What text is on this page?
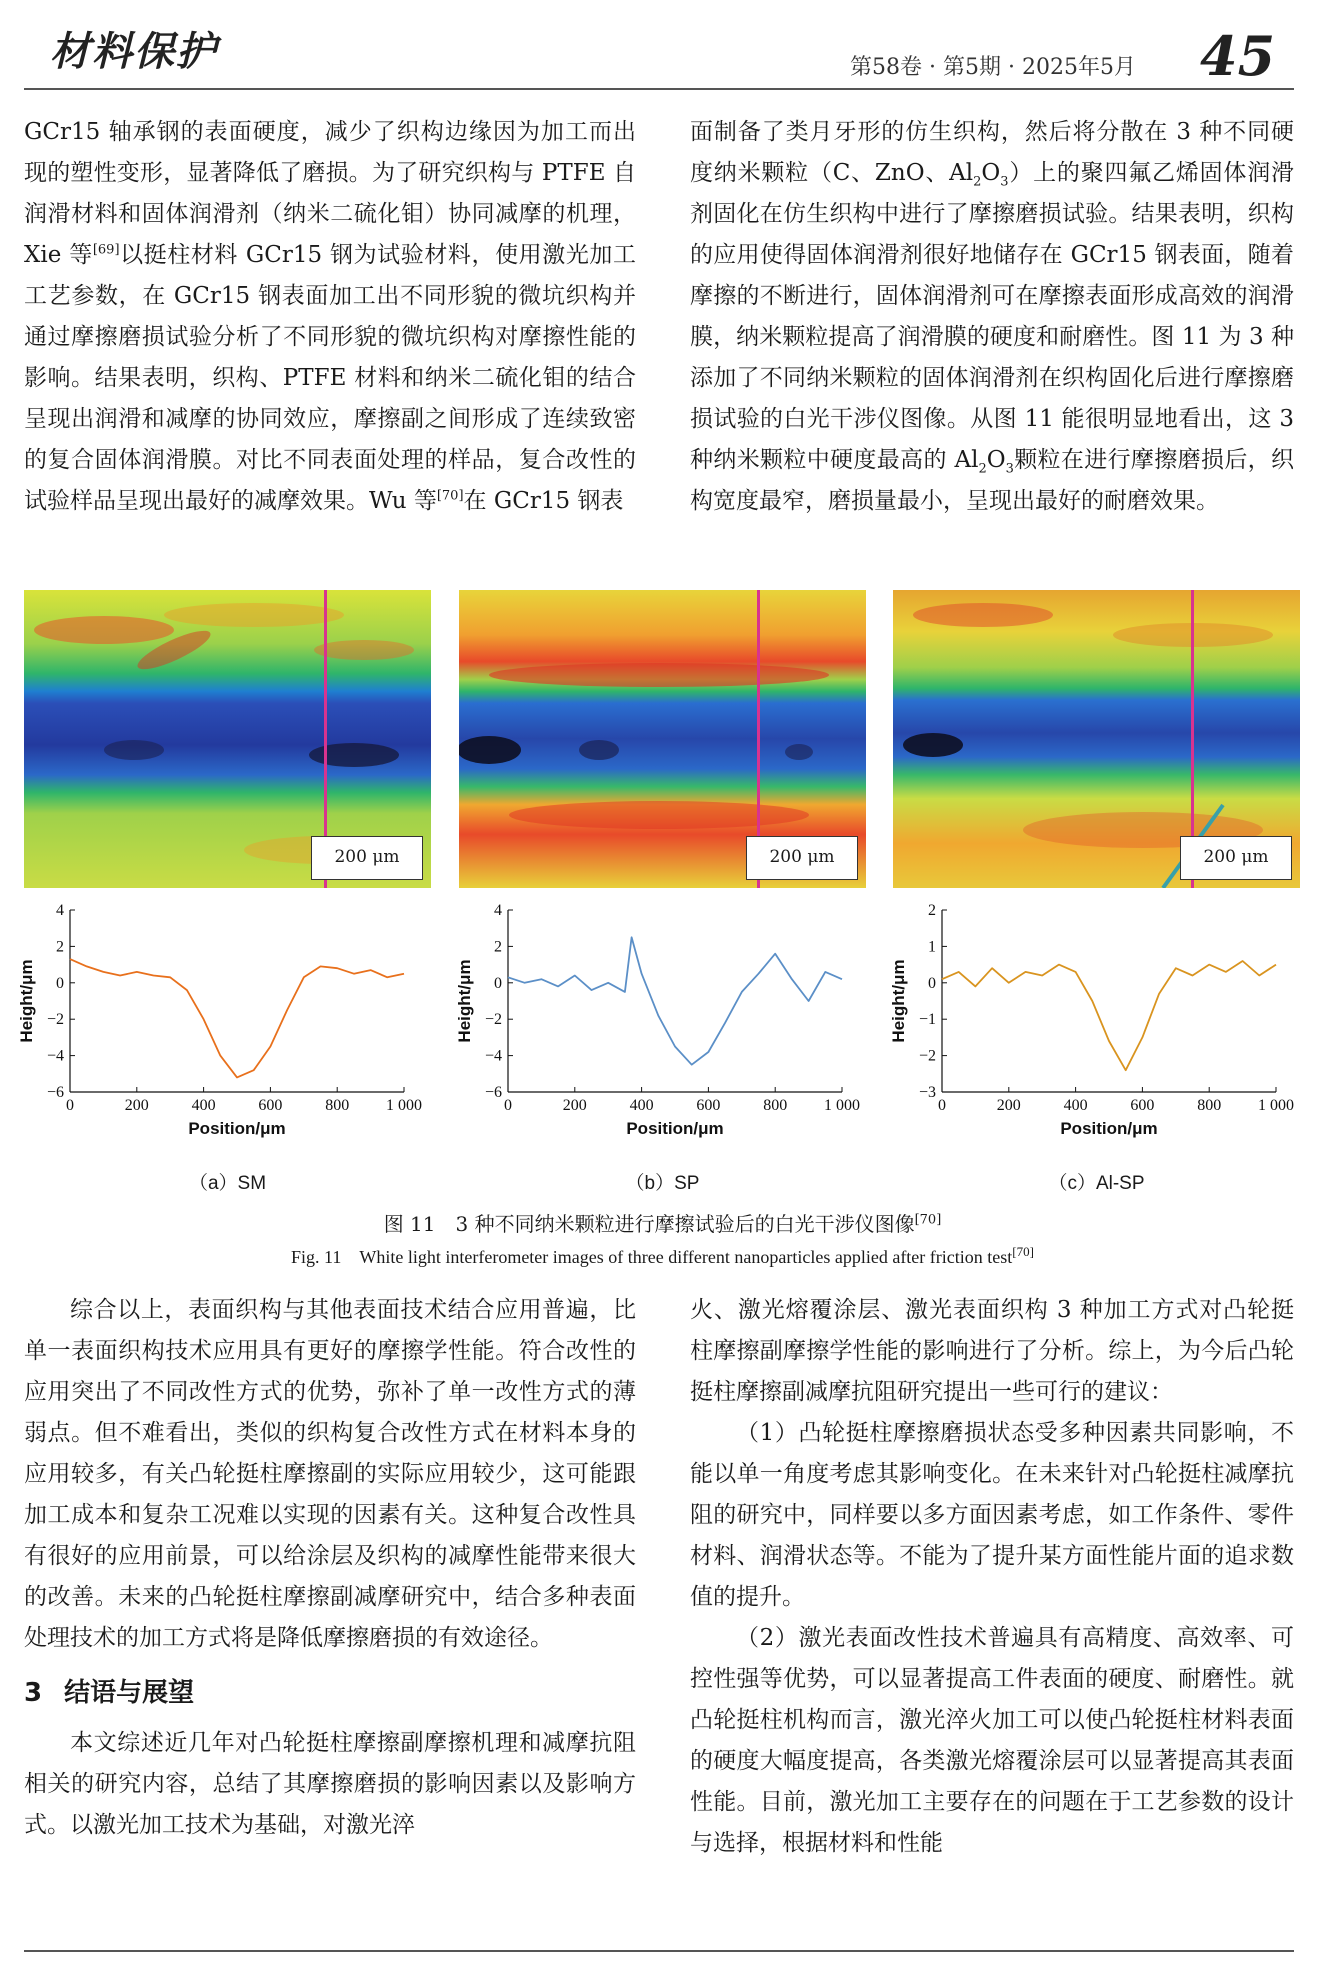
材料保护	第58卷 · 第5期 · 2025年5月 45

GCr15 轴承钢的表面硬度，减少了织构边缘因为加工而出现的塑性变形，显著降低了磨损。为了研究织构与 PTFE 自润滑材料和固体润滑剂（纳米二硫化钼）协同减摩的机理，Xie 等[69]以挺柱材料 GCr15 钢为试验材料，使用激光加工工艺参数，在 GCr15 钢表面加工出不同形貌的微坑织构并通过摩擦磨损试验分析了不同形貌的微坑织构对摩擦性能的影响。结果表明，织构、PTFE 材料和纳米二硫化钼的结合呈现出润滑和减摩的协同效应，摩擦副之间形成了连续致密的复合固体润滑膜。对比不同表面处理的样品，复合改性的试验样品呈现出最好的减摩效果。Wu 等[70]在 GCr15 钢表

面制备了类月牙形的仿生织构，然后将分散在 3 种不同硬度纳米颗粒（C、ZnO、$Al_2O_3$）上的聚四氟乙烯固体润滑剂固化在仿生织构中进行了摩擦磨损试验。结果表明，织构的应用使得固体润滑剂很好地储存在 GCr15 钢表面，随着摩擦的不断进行，固体润滑剂可在摩擦表面形成高效的润滑膜，纳米颗粒提高了润滑膜的硬度和耐磨性。图 11 为 3 种添加了不同纳米颗粒的固体润滑剂在织构固化后进行摩擦磨损试验的白光干涉仪图像。从图 11 能很明显地看出，这 3 种纳米颗粒中硬度最高的 $Al_2O_3$颗粒在进行摩擦磨损后，织构宽度最窄，磨损量最小，呈现出最好的耐磨效果。

200 μm	200 μm	200 μm
0	200	400	600	800 1 000
4
2
0
−2
−4
−6
Position/μm
Height/μm
0	200	400	600	800 1 000
4
2
0
−2
−4
−6
Position/μm
Height/μm
0	200	400	600	800 1 000
2
1
0
−1
−2
−3
Position/μm
Height/μm
（a）SM	（b）SP	（c）Al-SP
图 11　3 种不同纳米颗粒进行摩擦试验后的白光干涉仪图像[70]
Fig. 11　White light interferometer images of three different nanoparticles applied after friction test[70]

综合以上，表面织构与其他表面技术结合应用普遍，比单一表面织构技术应用具有更好的摩擦学性能。符合改性的应用突出了不同改性方式的优势，弥补了单一改性方式的薄弱点。但不难看出，类似的织构复合改性方式在材料本身的应用较多，有关凸轮挺柱摩擦副的实际应用较少，这可能跟加工成本和复杂工况难以实现的因素有关。这种复合改性具有很好的应用前景，可以给涂层及织构的减摩性能带来很大的改善。未来的凸轮挺柱摩擦副减摩研究中，结合多种表面处理技术的加工方式将是降低摩擦磨损的有效途径。

3 结语与展望

本文综述近几年对凸轮挺柱摩擦副摩擦机理和减摩抗阻相关的研究内容，总结了其摩擦磨损的影响因素以及影响方式。以激光加工技术为基础，对激光淬

火、激光熔覆涂层、激光表面织构 3 种加工方式对凸轮挺柱摩擦副摩擦学性能的影响进行了分析。综上，为今后凸轮挺柱摩擦副减摩抗阻研究提出一些可行的建议：

（1）凸轮挺柱摩擦磨损状态受多种因素共同影响，不能以单一角度考虑其影响变化。在未来针对凸轮挺柱减摩抗阻的研究中，同样要以多方面因素考虑，如工作条件、零件材料、润滑状态等。不能为了提升某方面性能片面的追求数值的提升。

（2）激光表面改性技术普遍具有高精度、高效率、可控性强等优势，可以显著提高工件表面的硬度、耐磨性。就凸轮挺柱机构而言，激光淬火加工可以使凸轮挺柱材料表面的硬度大幅度提高，各类激光熔覆涂层可以显著提高其表面性能。目前，激光加工主要存在的问题在于工艺参数的设计与选择，根据材料和性能
